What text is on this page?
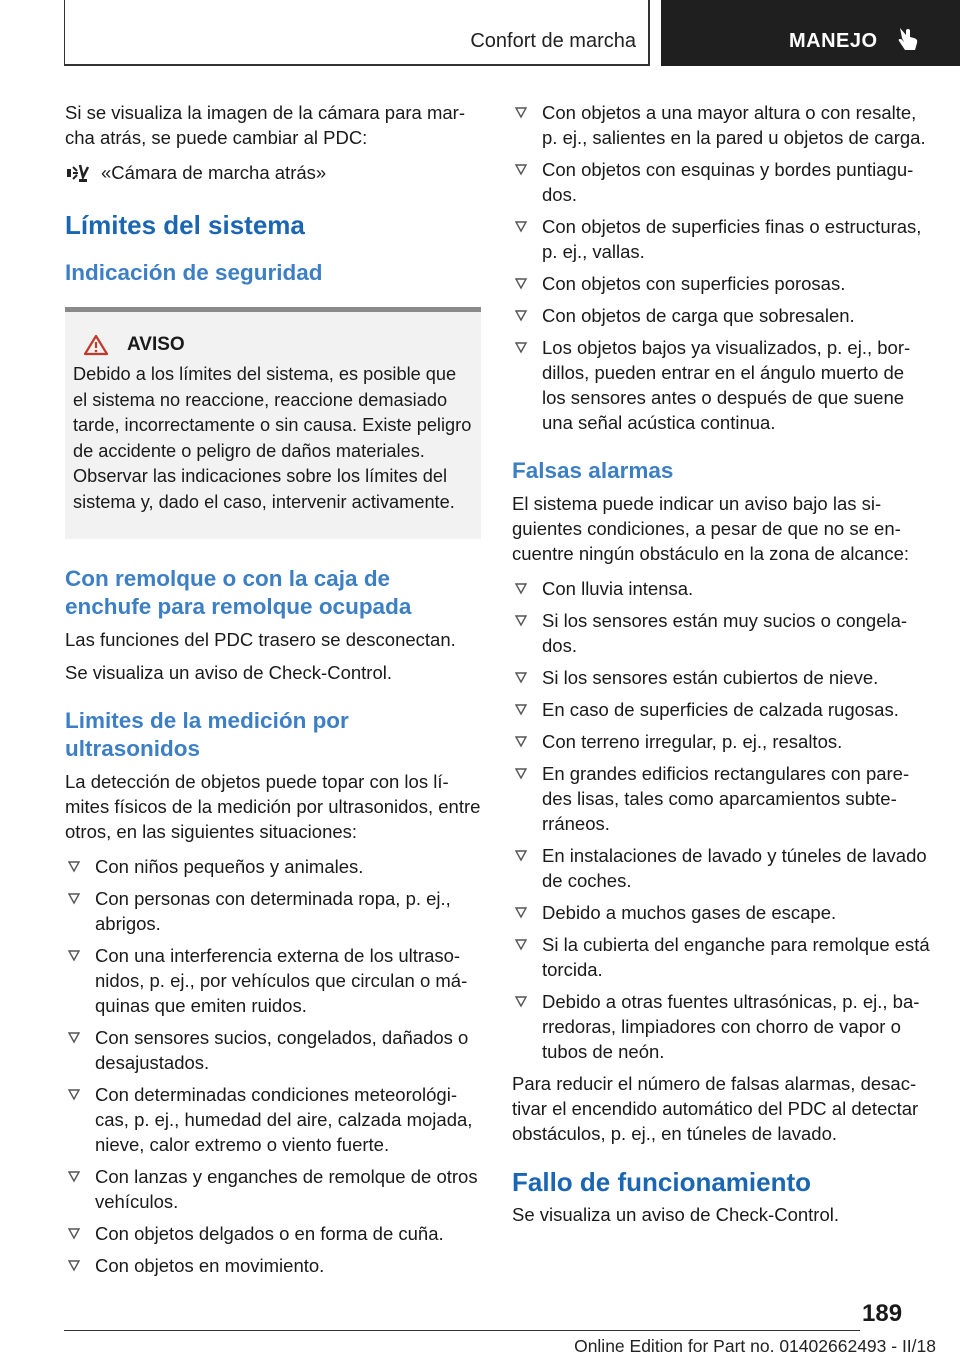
Confort de marcha	MANEJO

Si se visualiza la imagen de la cámara para marcha atrás, se puede cambiar al PDC:

«Cámara de marcha atrás»
Límites del sistema
Indicación de seguridad
AVISO
Debido a los límites del sistema, es posible que el sistema no reaccione, reaccione demasiado tarde, incorrectamente o sin causa. Existe peligro de accidente o peligro de daños materiales. Observar las indicaciones sobre los límites del sistema y, dado el caso, intervenir activamente.
Con remolque o con la caja de enchufe para remolque ocupada

Las funciones del PDC trasero se desconectan.

Se visualiza un aviso de Check-Control.

Limites de la medición por ultrasonidos

La detección de objetos puede topar con los límites físicos de la medición por ultrasonidos, entre otros, en las siguientes situaciones:

Con niños pequeños y animales.
Con personas con determinada ropa, p. ej., abrigos.
Con una interferencia externa de los ultrasonidos, p. ej., por vehículos que circulan o máquinas que emiten ruidos.
Con sensores sucios, congelados, dañados o desajustados.
Con determinadas condiciones meteorológicas, p. ej., humedad del aire, calzada mojada, nieve, calor extremo o viento fuerte.
Con lanzas y enganches de remolque de otros vehículos.
Con objetos delgados o en forma de cuña.
Con objetos en movimiento.
Con objetos a una mayor altura o con resalte, p. ej., salientes en la pared u objetos de carga.
Con objetos con esquinas y bordes puntiagudos.
Con objetos de superficies finas o estructuras, p. ej., vallas.
Con objetos con superficies porosas.
Con objetos de carga que sobresalen.
Los objetos bajos ya visualizados, p. ej., bordillos, pueden entrar en el ángulo muerto de los sensores antes o después de que suene una señal acústica continua.
Falsas alarmas

El sistema puede indicar un aviso bajo las siguientes condiciones, a pesar de que no se encuentre ningún obstáculo en la zona de alcance:

Con lluvia intensa.
Si los sensores están muy sucios o congelados.
Si los sensores están cubiertos de nieve.
En caso de superficies de calzada rugosas.
Con terreno irregular, p. ej., resaltos.
En grandes edificios rectangulares con paredes lisas, tales como aparcamientos subterráneos.
En instalaciones de lavado y túneles de lavado de coches.
Debido a muchos gases de escape.
Si la cubierta del enganche para remolque está torcida.
Debido a otras fuentes ultrasónicas, p. ej., barredoras, limpiadores con chorro de vapor o tubos de neón.

Para reducir el número de falsas alarmas, desactivar el encendido automático del PDC al detectar obstáculos, p. ej., en túneles de lavado.

Fallo de funcionamiento

Se visualiza un aviso de Check-Control.

189
Online Edition for Part no. 01402662493 - II/18
